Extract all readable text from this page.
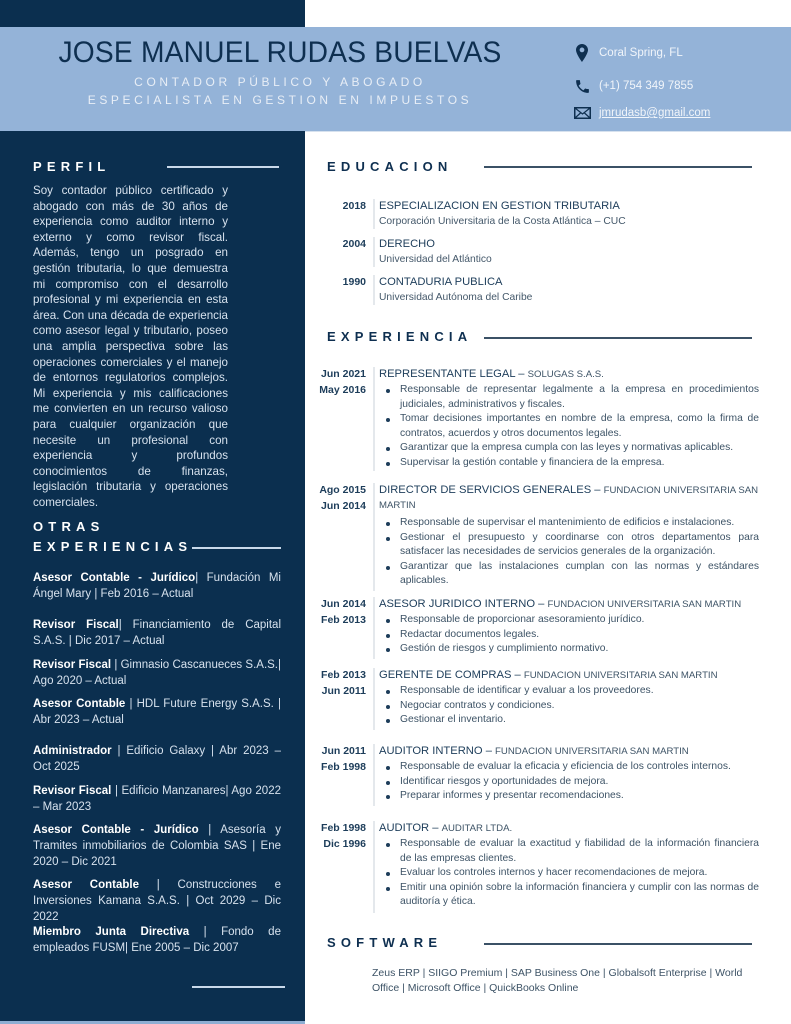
JOSE MANUEL RUDAS BUELVAS
CONTADOR PÚBLICO Y ABOGADO
ESPECIALISTA EN GESTION EN IMPUESTOS
Coral Spring, FL
(+1) 754 349 7855
jmrudasb@gmail.com
PERFIL
Soy contador público certificado y abogado con más de 30 años de experiencia como auditor interno y externo y como revisor fiscal. Además, tengo un posgrado en gestión tributaria, lo que demuestra mi compromiso con el desarrollo profesional y mi experiencia en esta área. Con una década de experiencia como asesor legal y tributario, poseo una amplia perspectiva sobre las operaciones comerciales y el manejo de entornos regulatorios complejos. Mi experiencia y mis calificaciones me convierten en un recurso valioso para cualquier organización que necesite un profesional con experiencia y profundos conocimientos de finanzas, legislación tributaria y operaciones comerciales.
OTRAS
EXPERIENCIAS
Asesor Contable - Jurídico| Fundación Mi Ángel Mary | Feb 2016 – Actual
Revisor Fiscal| Financiamiento de Capital S.A.S. | Dic 2017 – Actual
Revisor Fiscal | Gimnasio Cascanueces S.A.S.| Ago 2020 – Actual
Asesor Contable | HDL Future Energy S.A.S. | Abr 2023 – Actual
Administrador | Edificio Galaxy | Abr 2023 – Oct 2025
Revisor Fiscal | Edificio Manzanares| Ago 2022 – Mar 2023
Asesor Contable - Jurídico | Asesoría y Tramites inmobiliarios de Colombia SAS | Ene 2020 – Dic 2021
Asesor Contable | Construcciones e Inversiones Kamana S.A.S. | Oct 2029 – Dic 2022
Miembro Junta Directiva | Fondo de empleados FUSM| Ene 2005 – Dic 2007
EDUCACION
2018 ESPECIALIZACION EN GESTION TRIBUTARIA
Corporación Universitaria de la Costa Atlántica – CUC
2004 DERECHO
Universidad del Atlántico
1990 CONTADURIA PUBLICA
Universidad Autónoma del Caribe
EXPERIENCIA
Jun 2021
May 2016
REPRESENTANTE LEGAL – SOLUGAS S.A.S.
Responsable de representar legalmente a la empresa en procedimientos judiciales, administrativos y fiscales.
Tomar decisiones importantes en nombre de la empresa, como la firma de contratos, acuerdos y otros documentos legales.
Garantizar que la empresa cumpla con las leyes y normativas aplicables.
Supervisar la gestión contable y financiera de la empresa.
Ago 2015
Jun 2014
DIRECTOR DE SERVICIOS GENERALES – FUNDACION UNIVERSITARIA SAN MARTIN
Responsable de supervisar el mantenimiento de edificios e instalaciones.
Gestionar el presupuesto y coordinarse con otros departamentos para satisfacer las necesidades de servicios generales de la organización.
Garantizar que las instalaciones cumplan con las normas y estándares aplicables.
Jun 2014
Feb 2013
ASESOR JURIDICO INTERNO – FUNDACION UNIVERSITARIA SAN MARTIN
Responsable de proporcionar asesoramiento jurídico.
Redactar documentos legales.
Gestión de riesgos y cumplimiento normativo.
Feb 2013
Jun 2011
GERENTE DE COMPRAS – FUNDACION UNIVERSITARIA SAN MARTIN
Responsable de identificar y evaluar a los proveedores.
Negociar contratos y condiciones.
Gestionar el inventario.
Jun 2011
Feb 1998
AUDITOR INTERNO – FUNDACION UNIVERSITARIA SAN MARTIN
Responsable de evaluar la eficacia y eficiencia de los controles internos.
Identificar riesgos y oportunidades de mejora.
Preparar informes y presentar recomendaciones.
Feb 1998
Dic 1996
AUDITOR – AUDITAR LTDA.
Responsable de evaluar la exactitud y fiabilidad de la información financiera de las empresas clientes.
Evaluar los controles internos y hacer recomendaciones de mejora.
Emitir una opinión sobre la información financiera y cumplir con las normas de auditoría y ética.
SOFTWARE
Zeus ERP | SIIGO Premium | SAP Business One | Globalsoft Enterprise | World Office | Microsoft Office | QuickBooks Online
